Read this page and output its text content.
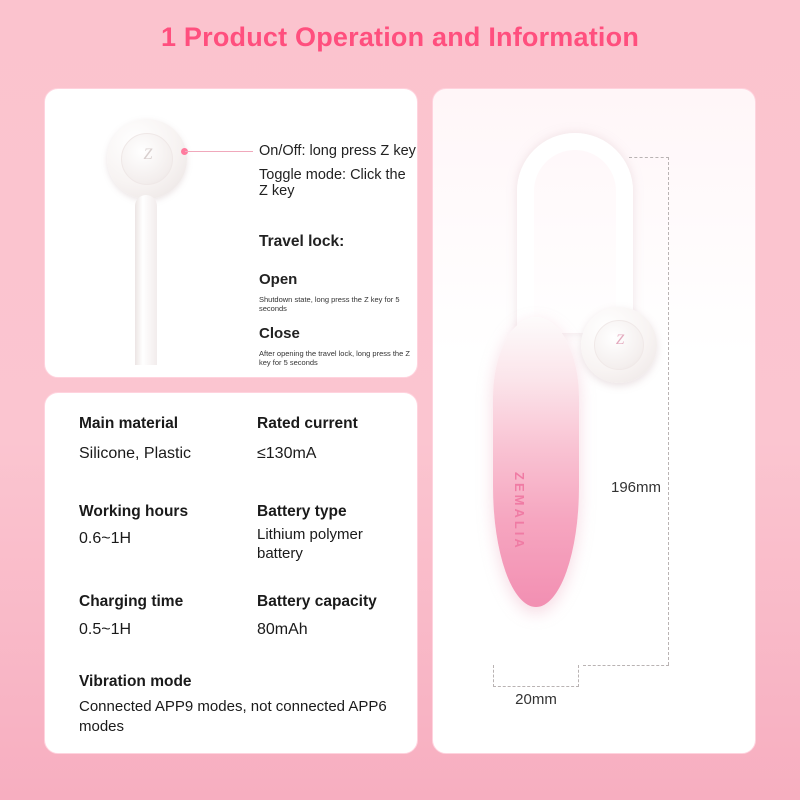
1 Product Operation and Information
Z	On/Off: long press Z key
Toggle mode: Click the Z key
Travel lock:
Open
Shutdown state, long press the Z key for 5 seconds
Close
After opening the travel lock, long press the Z key for 5 seconds
Main material
Silicone, Plastic
Rated current
≤130mA
Working hours
0.6~1H
Battery type
Lithium polymer battery
Charging time
0.5~1H
Battery capacity
80mAh
Vibration mode
Connected APP9 modes, not connected APP6 modes
ZEMALIA
Z
196mm
20mm
